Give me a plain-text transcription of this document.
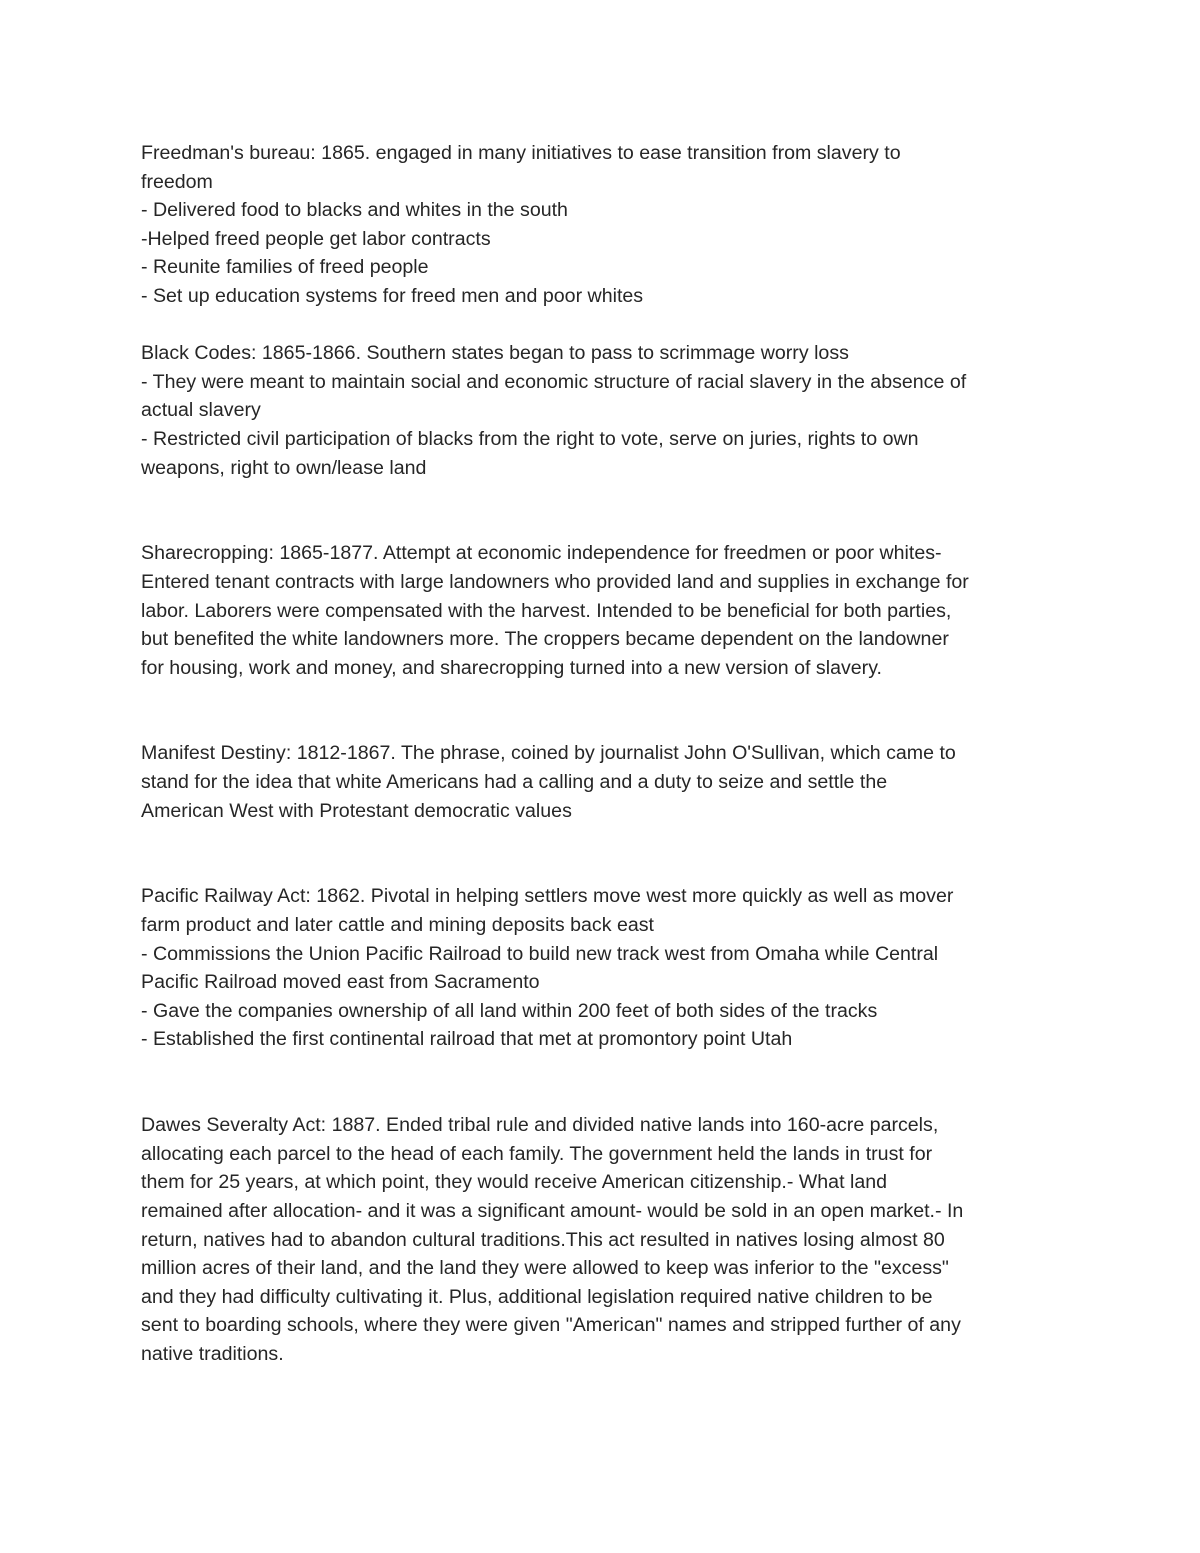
Freedman's bureau: 1865. engaged in many initiatives to ease transition from slavery to
freedom
- Delivered food to blacks and whites in the south
-Helped freed people get labor contracts
- Reunite families of freed people
- Set up education systems for freed men and poor whites
Black Codes: 1865-1866. Southern states began to pass to scrimmage worry loss
- They were meant to maintain social and economic structure of racial slavery in the absence of
actual slavery
- Restricted civil participation of blacks from the right to vote, serve on juries, rights to own
weapons, right to own/lease land
Sharecropping: 1865-1877. Attempt at economic independence for freedmen or poor whites-
Entered tenant contracts with large landowners who provided land and supplies in exchange for
labor. Laborers were compensated with the harvest. Intended to be beneficial for both parties,
but benefited the white landowners more. The croppers became dependent on the landowner
for housing, work and money, and sharecropping turned into a new version of slavery.
Manifest Destiny: 1812-1867. The phrase, coined by journalist John O'Sullivan, which came to
stand for the idea that white Americans had a calling and a duty to seize and settle the
American West with Protestant democratic values
Pacific Railway Act: 1862. Pivotal in helping settlers move west more quickly as well as mover
farm product and later cattle and mining deposits back east
- Commissions the Union Pacific Railroad to build new track west from Omaha while Central
Pacific Railroad moved east from Sacramento
- Gave the companies ownership of all land within 200 feet of both sides of the tracks
- Established the first continental railroad that met at promontory point Utah
Dawes Severalty Act: 1887. Ended tribal rule and divided native lands into 160-acre parcels,
allocating each parcel to the head of each family. The government held the lands in trust for
them for 25 years, at which point, they would receive American citizenship.- What land
remained after allocation- and it was a significant amount- would be sold in an open market.- In
return, natives had to abandon cultural traditions.This act resulted in natives losing almost 80
million acres of their land, and the land they were allowed to keep was inferior to the "excess"
and they had difficulty cultivating it. Plus, additional legislation required native children to be
sent to boarding schools, where they were given "American" names and stripped further of any
native traditions.
